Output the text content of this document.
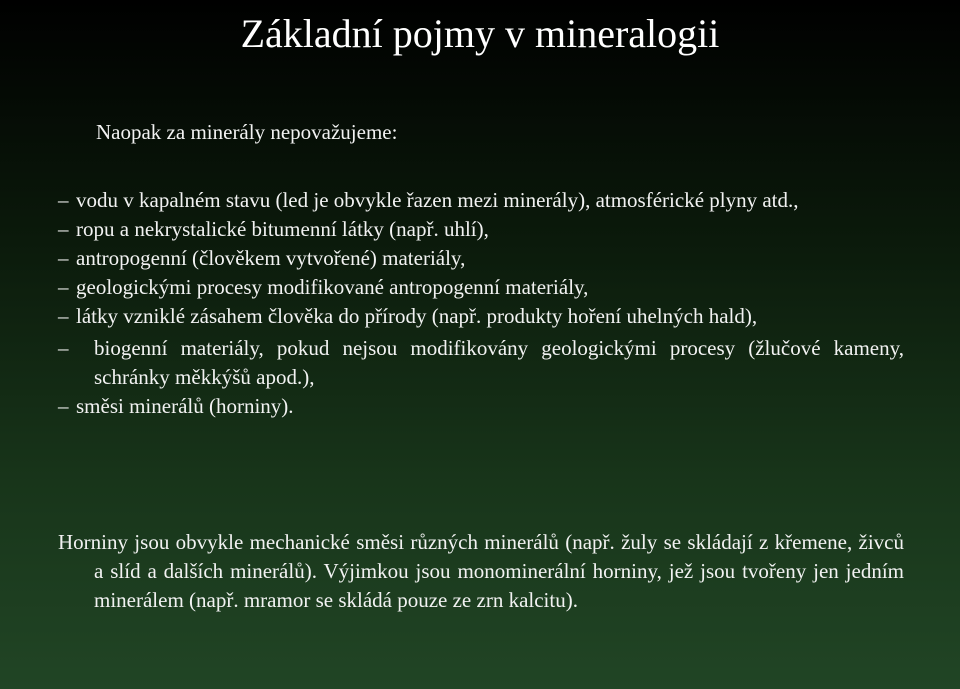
Základní pojmy v mineralogii

Naopak za minerály nepovažujeme:

– vodu v kapalném stavu (led je obvykle řazen mezi minerály), atmosférické plyny atd.,
– ropu a nekrystalické bitumenní látky (např. uhlí),
– antropogenní (člověkem vytvořené) materiály,
– geologickými procesy modifikované antropogenní materiály,
– látky vzniklé zásahem člověka do přírody (např. produkty hoření uhelných hald),
– biogenní materiály, pokud nejsou modifikovány geologickými procesy (žlučové kameny, schránky měkkýšů apod.),
– směsi minerálů (horniny).

Horniny jsou obvykle mechanické směsi různých minerálů (např. žuly se skládají z křemene, živců a slíd a dalších minerálů). Výjimkou jsou monominerální horniny, jež jsou tvořeny jen jedním minerálem (např. mramor se skládá pouze ze zrn kalcitu).
